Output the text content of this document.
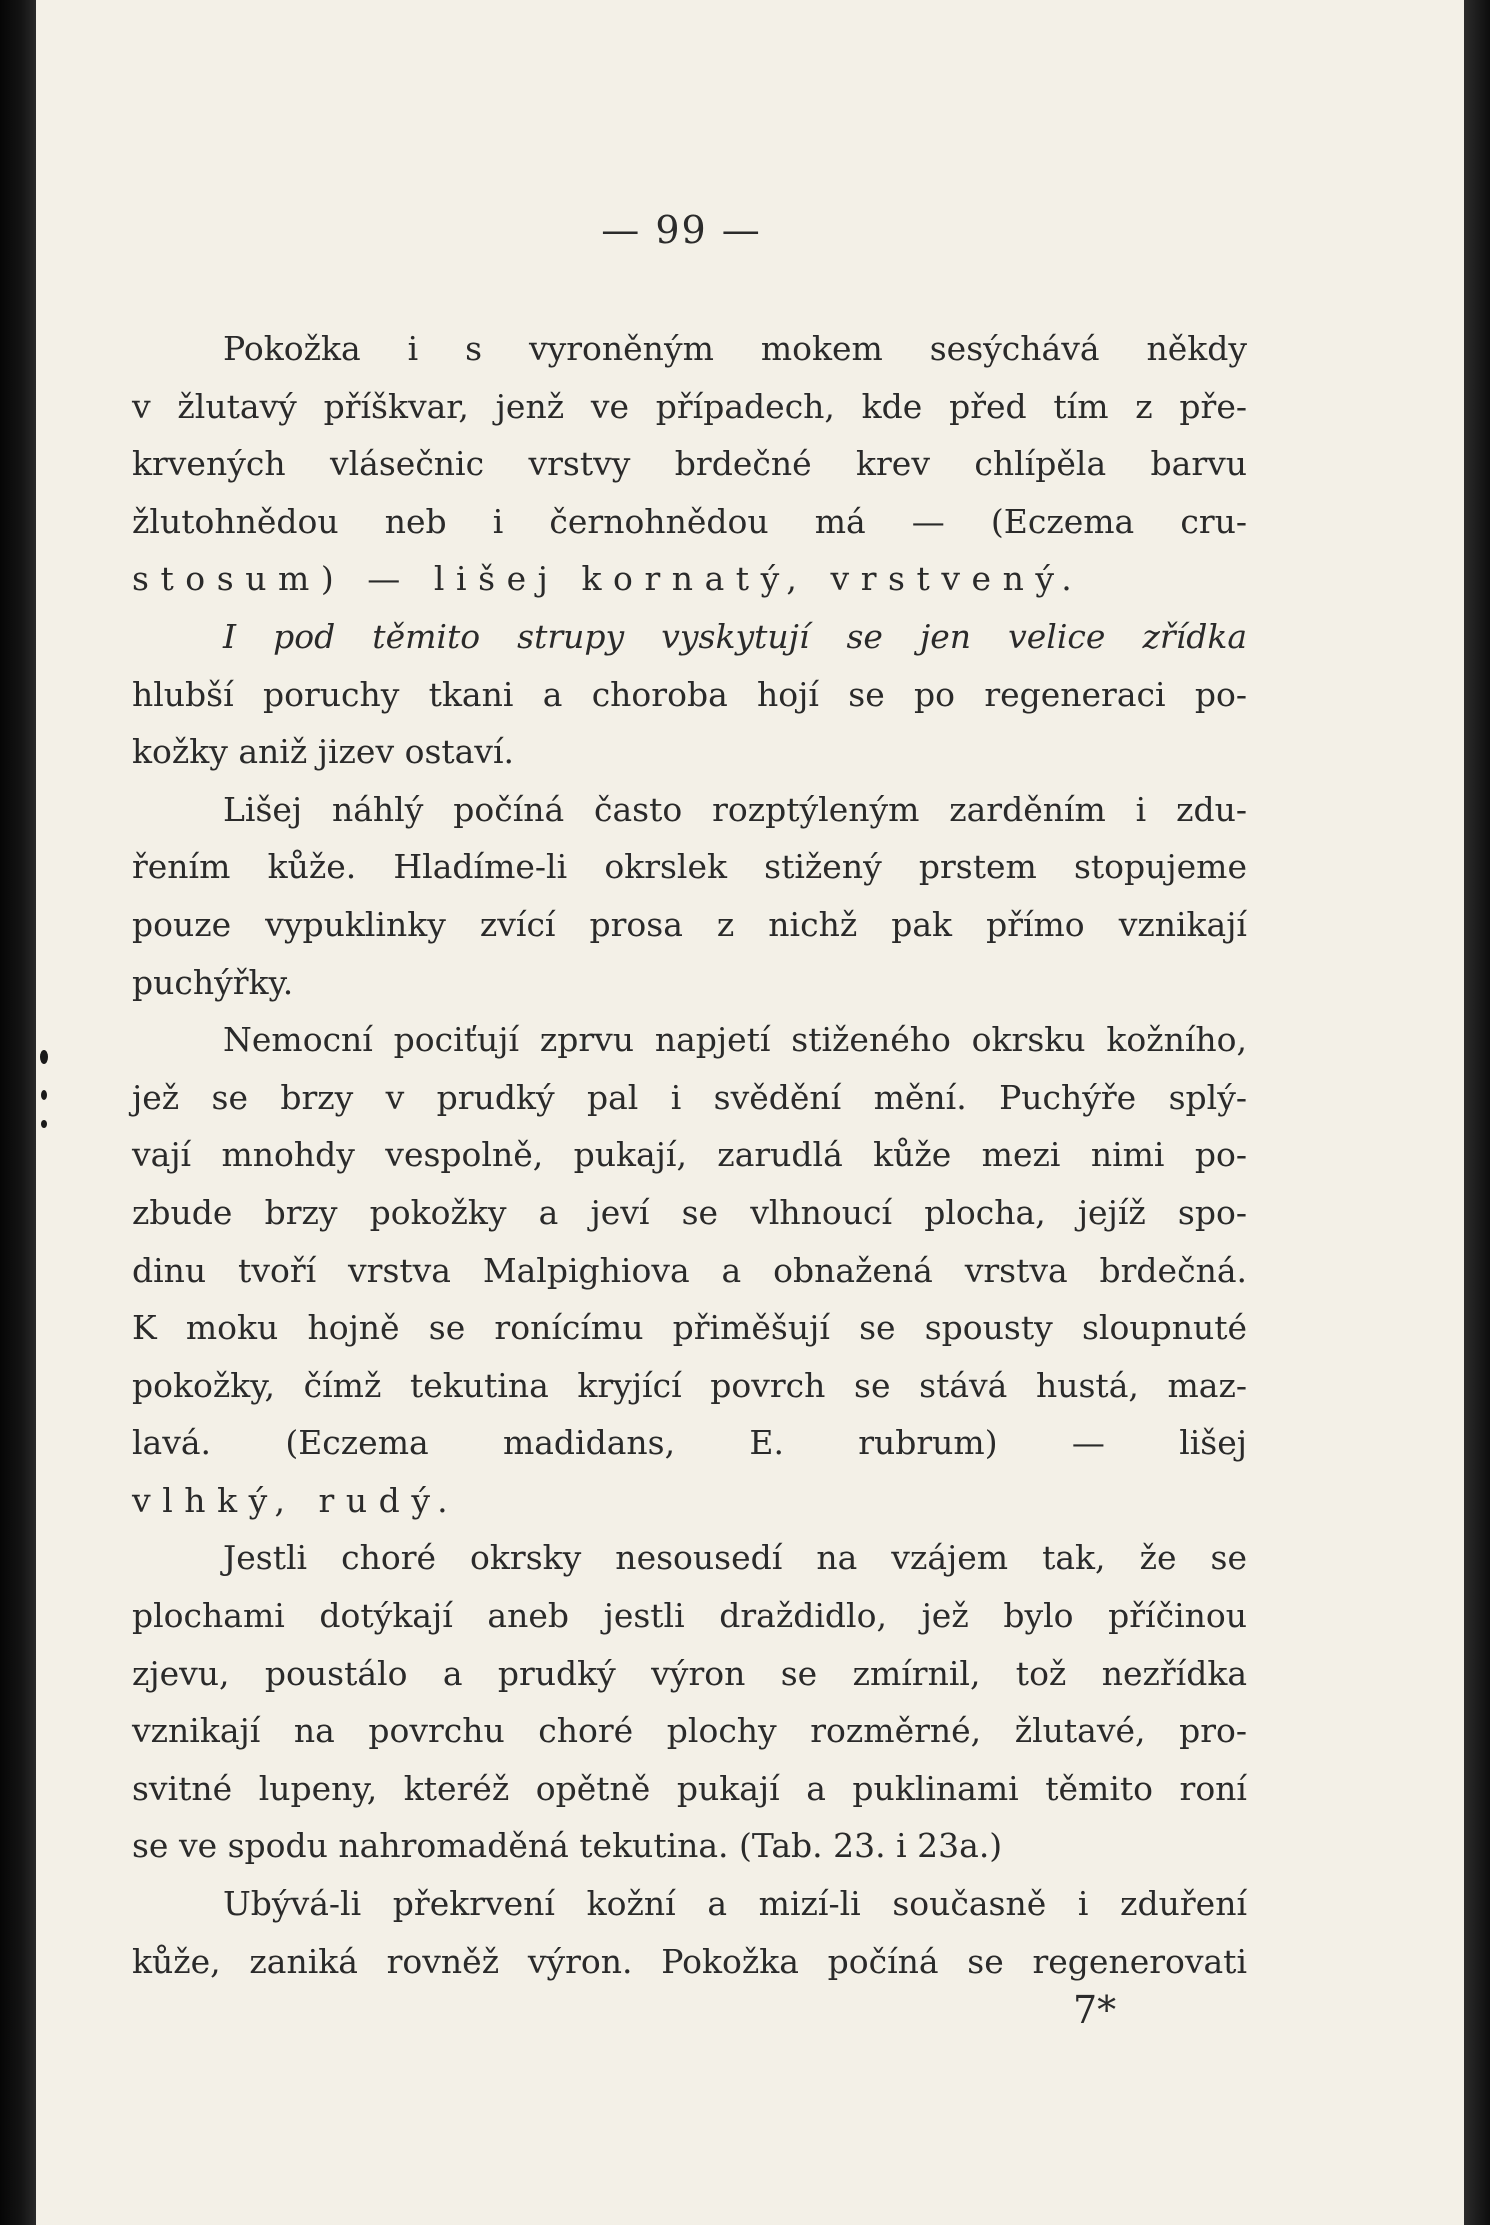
— 99 —
Pokožka i s vyroněným mokem sesýchává někdy
v žlutavý příškvar, jenž ve případech, kde před tím z pře-
krvených vlásečnic vrstvy brdečné krev chlípěla barvu
žlutohnědou neb i černohnědou má — (Eczema cru-
stosum) — lišej kornatý, vrstvený.
I pod těmito strupy vyskytují se jen velice zřídka
hlubší poruchy tkani a choroba hojí se po regeneraci po-
kožky aniž jizev ostaví.
Lišej náhlý počíná často rozptýleným zarděním i zdu-
řením kůže. Hladíme-li okrslek stižený prstem stopujeme
pouze vypuklinky zvící prosa z nichž pak přímo vznikají
puchýřky.
Nemocní pociťují zprvu napjetí stiženého okrsku kožního,
jež se brzy v prudký pal i svědění mění. Puchýře splý-
vají mnohdy vespolně, pukají, zarudlá kůže mezi nimi po-
zbude brzy pokožky a jeví se vlhnoucí plocha, jejíž spo-
dinu tvoří vrstva Malpighiova a obnažená vrstva brdečná.
K moku hojně se ronícímu přiměšují se spousty sloupnuté
pokožky, čímž tekutina kryjící povrch se stává hustá, maz-
lavá. (Eczema madidans, E. rubrum) — lišej
vlhký, rudý.
Jestli choré okrsky nesousedí na vzájem tak, že se
plochami dotýkají aneb jestli draždidlo, jež bylo příčinou
zjevu, poustálo a prudký výron se zmírnil, tož nezřídka
vznikají na povrchu choré plochy rozměrné, žlutavé, pro-
svitné lupeny, kteréž opětně pukají a puklinami těmito roní
se ve spodu nahromaděná tekutina. (Tab. 23. i 23a.)
Ubývá-li překrvení kožní a mizí-li současně i zduření
kůže, zaniká rovněž výron. Pokožka počíná se regenerovati
7*
